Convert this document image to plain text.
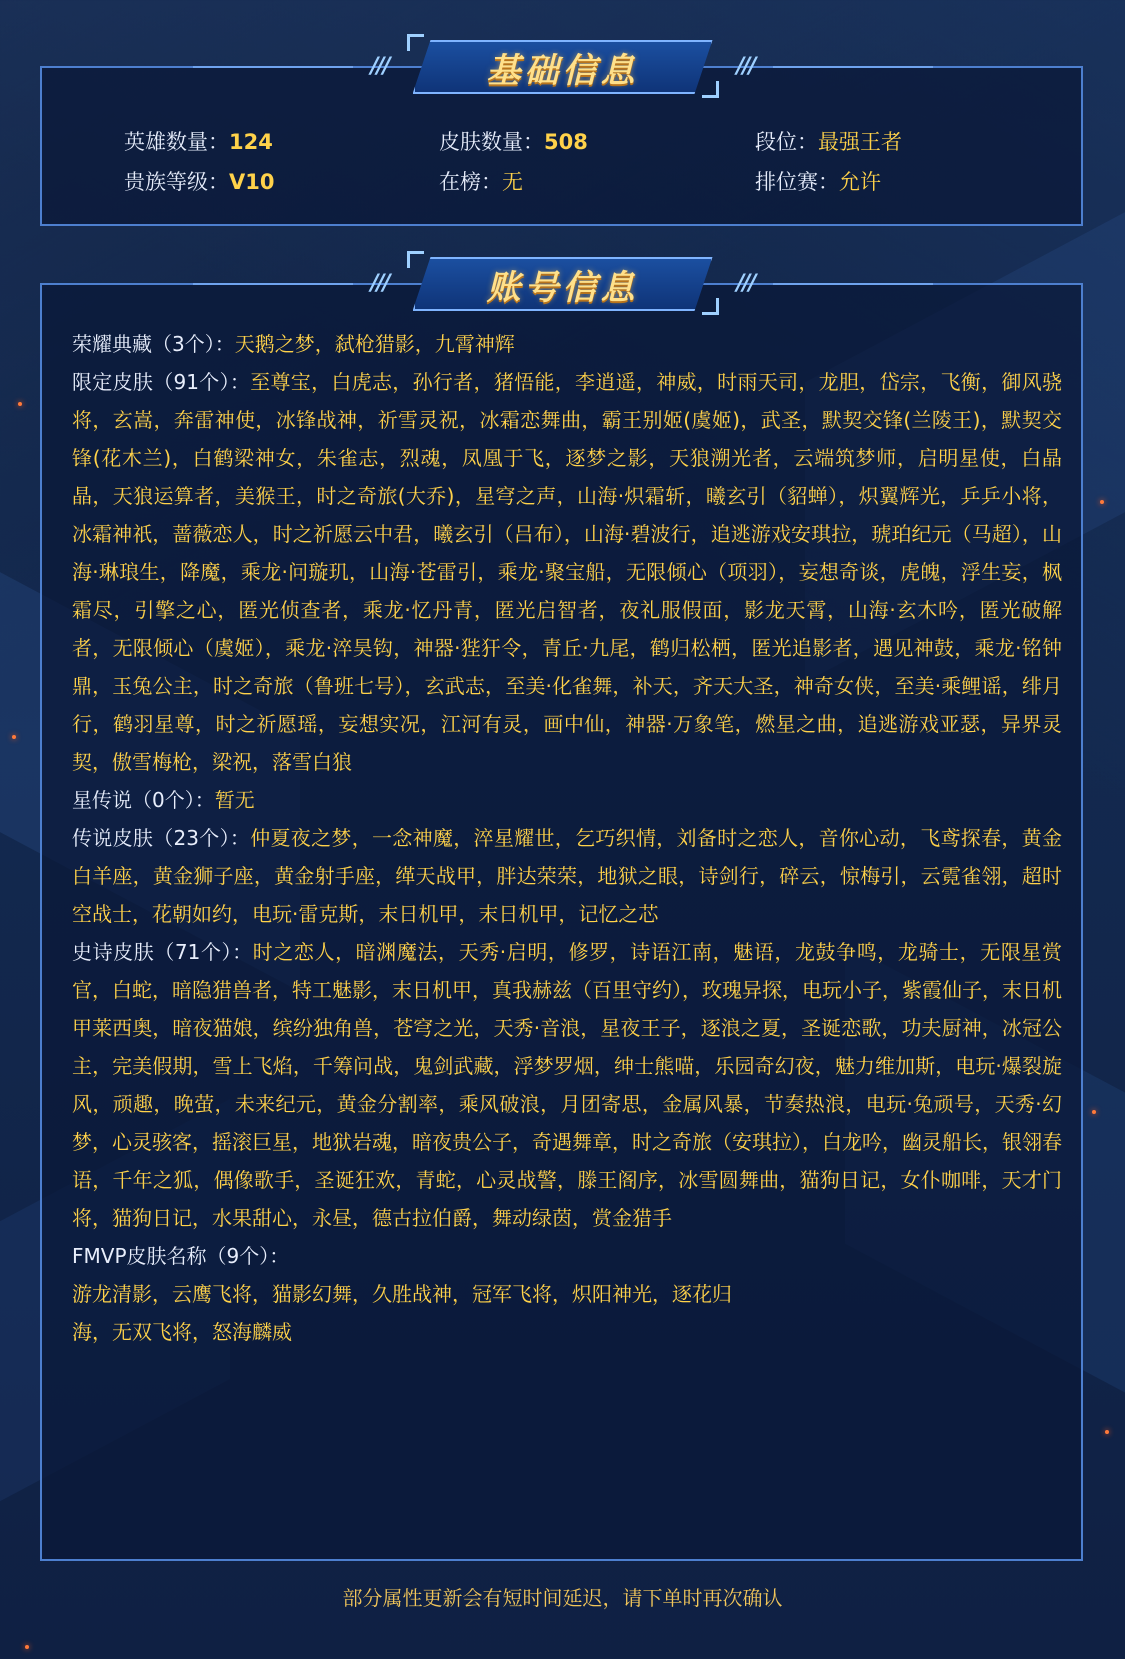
英雄数量：124	皮肤数量：508	段位：最强王者
贵族等级：V10	在榜：无	排位赛：允许
荣耀典藏（3个）：天鹅之梦，弑枪猎影，九霄神辉
限定皮肤（91个）：至尊宝，白虎志，孙行者，猪悟能，李逍遥，神威，时雨天司，龙胆，岱宗，飞衡，御风骁将，玄嵩，奔雷神使，冰锋战神，祈雪灵祝，冰霜恋舞曲，霸王别姬(虞姬)，武圣，默契交锋(兰陵王)，默契交锋(花木兰)，白鹤梁神女，朱雀志，烈魂，凤凰于飞，逐梦之影，天狼溯光者，云端筑梦师，启明星使，白晶晶，天狼运算者，美猴王，时之奇旅(大乔)，星穹之声，山海·炽霜斩，曦玄引（貂蝉），炽翼辉光，乒乒小将，冰霜神祇，蔷薇恋人，时之祈愿云中君，曦玄引（吕布），山海·碧波行，追逃游戏安琪拉，琥珀纪元（马超），山海·琳琅生，降魔，乘龙·问璇玑，山海·苍雷引，乘龙·聚宝船，无限倾心（项羽），妄想奇谈，虎魄，浮生妄，枫霜尽，引擎之心，匿光侦查者，乘龙·忆丹青，匿光启智者，夜礼服假面，影龙天霄，山海·玄木吟，匿光破解者，无限倾心（虞姬），乘龙·淬昊钩，神器·狴犴令，青丘·九尾，鹤归松栖，匿光追影者，遇见神鼓，乘龙·铭钟鼎，玉兔公主，时之奇旅（鲁班七号），玄武志，至美·化雀舞，补天，齐天大圣，神奇女侠，至美·乘鲤谣，绯月行，鹤羽星尊，时之祈愿瑶，妄想实况，江河有灵，画中仙，神器·万象笔，燃星之曲，追逃游戏亚瑟，异界灵契，傲雪梅枪，梁祝，落雪白狼
星传说（0个）：暂无
传说皮肤（23个）：仲夏夜之梦，一念神魔，淬星耀世，乞巧织情，刘备时之恋人，音你心动，飞鸢探春，黄金白羊座，黄金狮子座，黄金射手座，缂天战甲，胖达荣荣，地狱之眼，诗剑行，碎云，惊梅引，云霓雀翎，超时空战士，花朝如约，电玩·雷克斯，末日机甲，末日机甲，记忆之芯
史诗皮肤（71个）：时之恋人，暗渊魔法，天秀·启明，修罗，诗语江南，魅语，龙鼓争鸣，龙骑士，无限星赏官，白蛇，暗隐猎兽者，特工魅影，末日机甲，真我赫兹（百里守约），玫瑰异探，电玩小子，紫霞仙子，末日机甲莱西奥，暗夜猫娘，缤纷独角兽，苍穹之光，天秀·音浪，星夜王子，逐浪之夏，圣诞恋歌，功夫厨神，冰冠公主，完美假期，雪上飞焰，千筹问战，鬼剑武藏，浮梦罗烟，绅士熊喵，乐园奇幻夜，魅力维加斯，电玩·爆裂旋风，顽趣，晚萤，未来纪元，黄金分割率，乘风破浪，月团寄思，金属风暴，节奏热浪，电玩·兔顽号，天秀·幻梦，心灵骇客，摇滚巨星，地狱岩魂，暗夜贵公子，奇遇舞章，时之奇旅（安琪拉），白龙吟，幽灵船长，银翎春语，千年之狐，偶像歌手，圣诞狂欢，青蛇，心灵战警，滕王阁序，冰雪圆舞曲，猫狗日记，女仆咖啡，天才门将，猫狗日记，水果甜心，永昼，德古拉伯爵，舞动绿茵，赏金猎手
FMVP皮肤名称（9个）：
游龙清影，云鹰飞将，猫影幻舞，久胜战神，冠军飞将，炽阳神光，逐花归
海，无双飞将，怒海麟威
///	///
基础信息
///	///
账号信息
部分属性更新会有短时间延迟，请下单时再次确认
